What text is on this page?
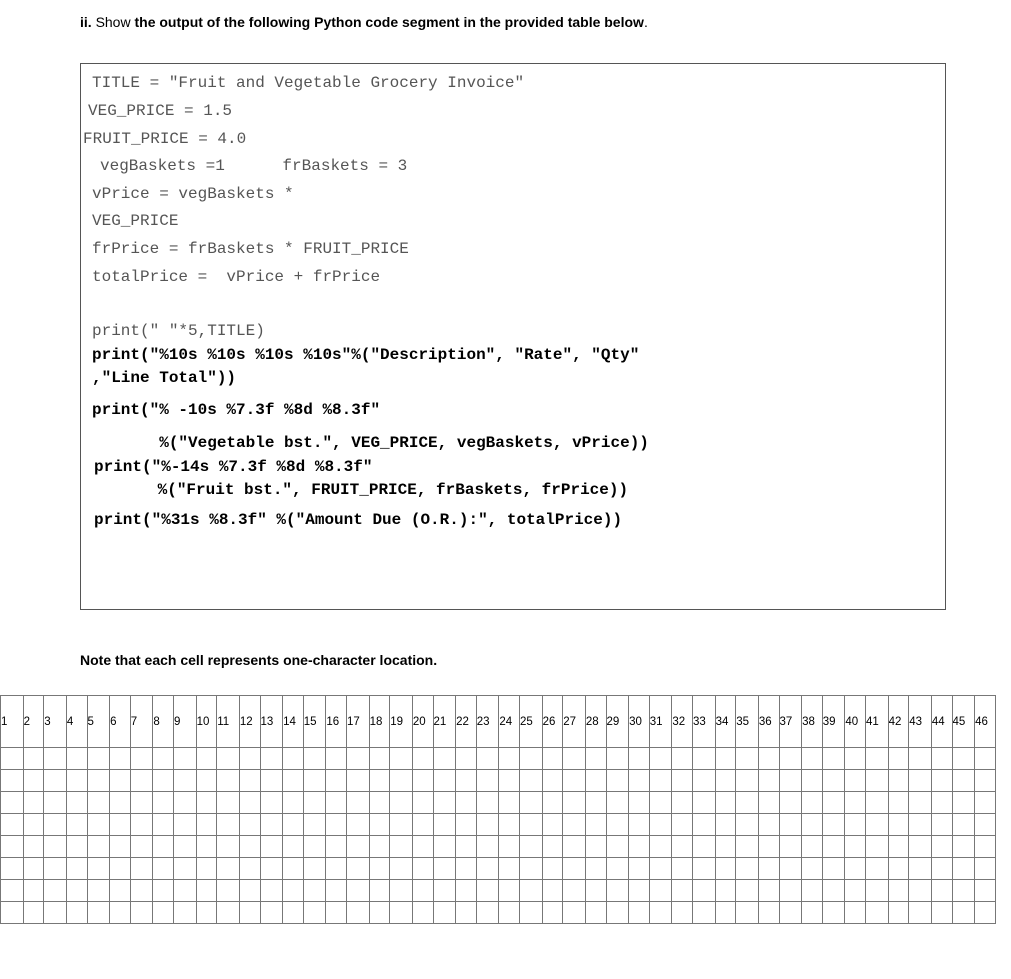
ii. Show the output of the following Python code segment in the provided table below.
TITLE = "Fruit and Vegetable Grocery Invoice"
VEG_PRICE = 1.5
FRUIT_PRICE = 4.0
vegBaskets =1      frBaskets = 3
vPrice = vegBaskets *
VEG_PRICE
frPrice = frBaskets * FRUIT_PRICE
totalPrice =  vPrice + frPrice
print(" "*5,TITLE)
print("%10s %10s %10s %10s"%("Description", "Rate", "Qty"
,"Line Total"))
print("% -10s %7.3f %8d %8.3f"
%("Vegetable bst.", VEG_PRICE, vegBaskets, vPrice))
print("%-14s %7.3f %8d %8.3f"
%("Fruit bst.", FRUIT_PRICE, frBaskets, frPrice))
print("%31s %8.3f" %("Amount Due (O.R.):", totalPrice))
Note that each cell represents one-character location.
1	2	3	4	5	6	7	8	9	10	11	12	13	14	15	16	17	18	19	20	21	22	23	24	25	26	27	28	29	30	31	32	33	34	35	36	37	38	39	40	41	42	43	44	45	46
